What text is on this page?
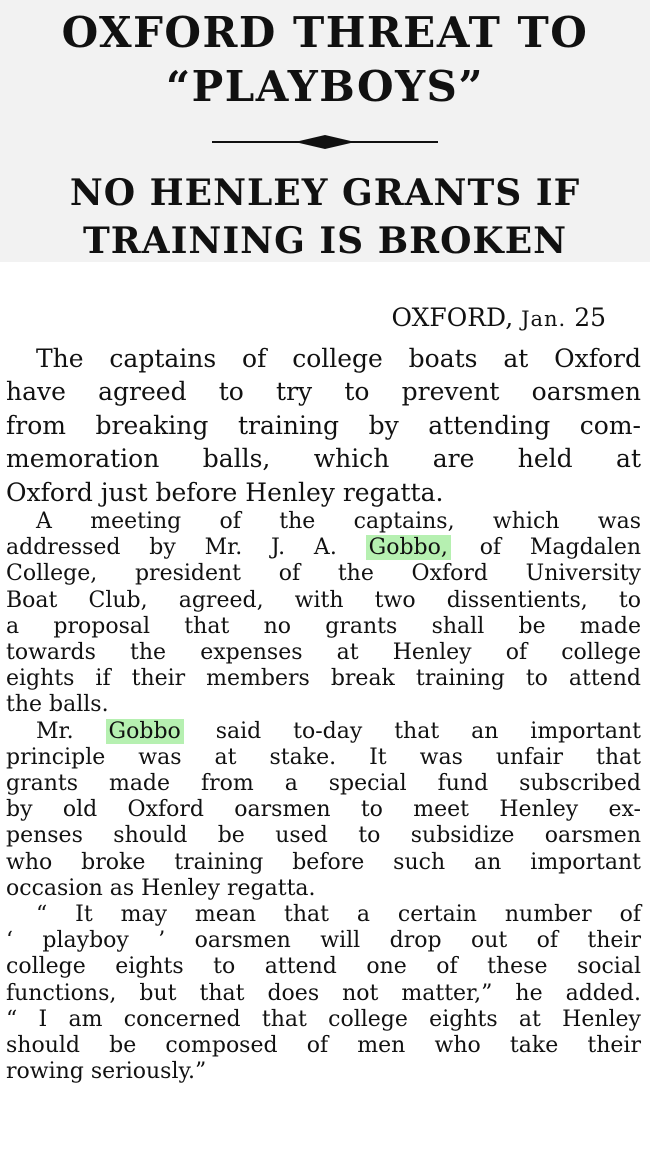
OXFORD THREAT TO
“PLAYBOYS”
NO HENLEY GRANTS IF
TRAINING IS BROKEN
OXFORD, Jan. 25
The captains of college boats at Oxford
have agreed to try to prevent oarsmen
from breaking training by attending com-
memoration balls, which are held at
Oxford just before Henley regatta.
A meeting of the captains, which was
addressed by Mr. J. A. Gobbo, of Magdalen
College, president of the Oxford University
Boat Club, agreed, with two dissentients, to
a proposal that no grants shall be made
towards the expenses at Henley of college
eights if their members break training to attend
the balls.
Mr. Gobbo said to-day that an important
principle was at stake. It was unfair that
grants made from a special fund subscribed
by old Oxford oarsmen to meet Henley ex-
penses should be used to subsidize oarsmen
who broke training before such an important
occasion as Henley regatta.
“ It may mean that a certain number of
‘ playboy ’ oarsmen will drop out of their
college eights to attend one of these social
functions, but that does not matter,” he added.
“ I am concerned that college eights at Henley
should be composed of men who take their
rowing seriously.”
